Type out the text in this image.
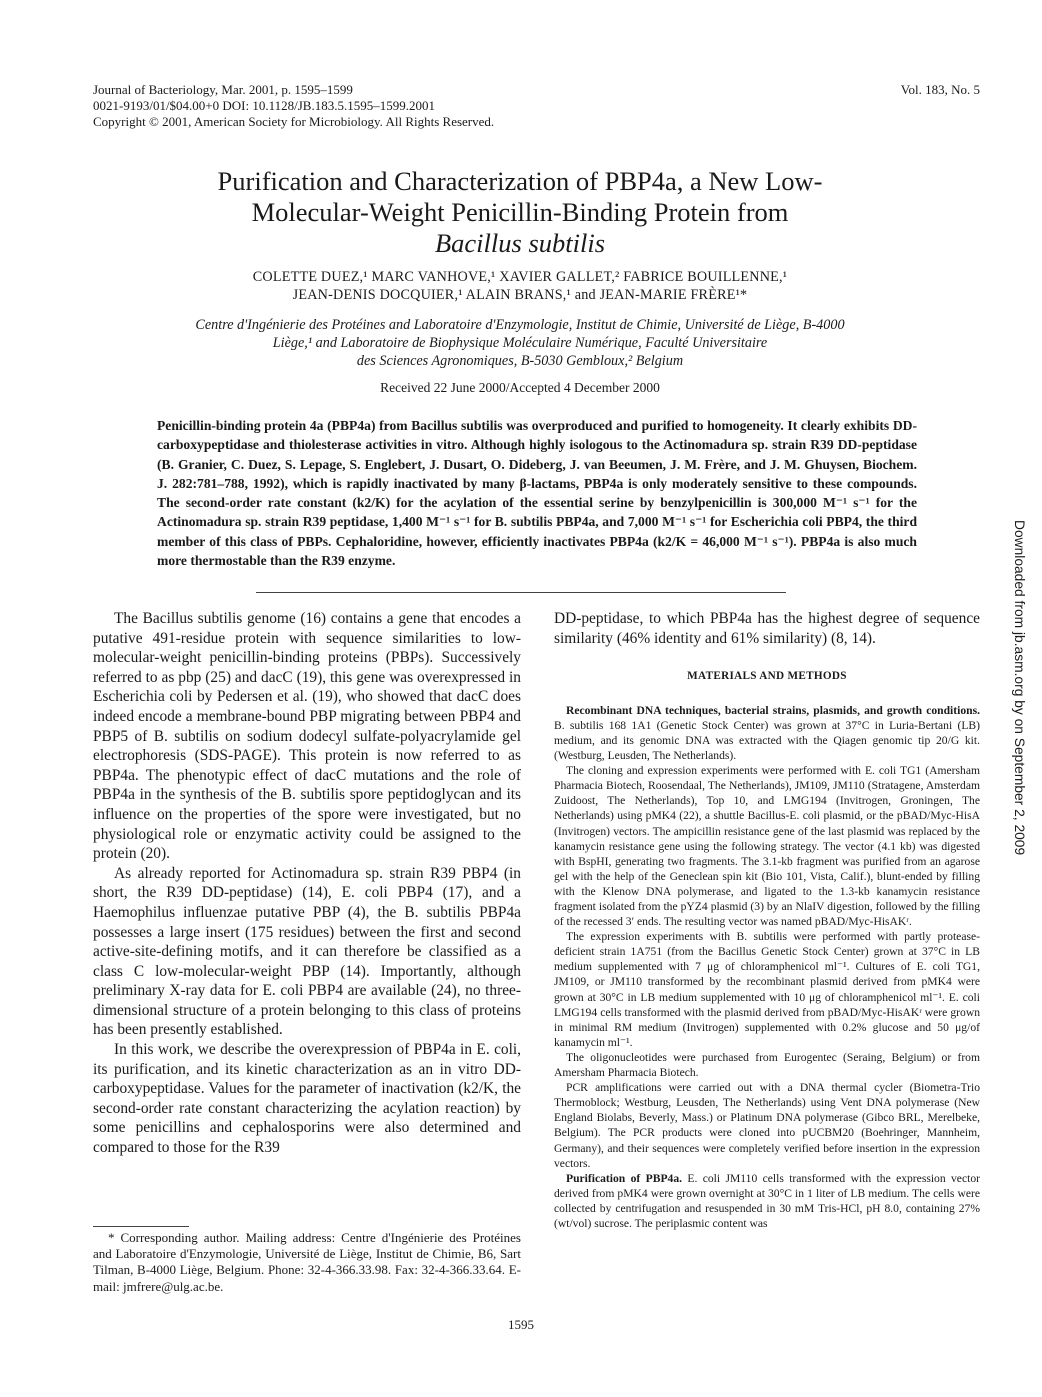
Journal of Bacteriology, Mar. 2001, p. 1595–1599	Vol. 183, No. 5
0021-9193/01/$04.00+0 DOI: 10.1128/JB.183.5.1595–1599.2001
Copyright © 2001, American Society for Microbiology. All Rights Reserved.
Purification and Characterization of PBP4a, a New Low-
Molecular-Weight Penicillin-Binding Protein from
Bacillus subtilis
COLETTE DUEZ,¹ MARC VANHOVE,¹ XAVIER GALLET,² FABRICE BOUILLENNE,¹
JEAN-DENIS DOCQUIER,¹ ALAIN BRANS,¹ and JEAN-MARIE FRÈRE¹*
Centre d'Ingénierie des Protéines and Laboratoire d'Enzymologie, Institut de Chimie, Université de Liège, B-4000
Liège,¹ and Laboratoire de Biophysique Moléculaire Numérique, Faculté Universitaire
des Sciences Agronomiques, B-5030 Gembloux,² Belgium
Received 22 June 2000/Accepted 4 December 2000
Penicillin-binding protein 4a (PBP4a) from Bacillus subtilis was overproduced and purified to homogeneity. It clearly exhibits DD-carboxypeptidase and thiolesterase activities in vitro. Although highly isologous to the Actinomadura sp. strain R39 DD-peptidase (B. Granier, C. Duez, S. Lepage, S. Englebert, J. Dusart, O. Dideberg, J. van Beeumen, J. M. Frère, and J. M. Ghuysen, Biochem. J. 282:781–788, 1992), which is rapidly inactivated by many β-lactams, PBP4a is only moderately sensitive to these compounds. The second-order rate constant (k2/K) for the acylation of the essential serine by benzylpenicillin is 300,000 M⁻¹ s⁻¹ for the Actinomadura sp. strain R39 peptidase, 1,400 M⁻¹ s⁻¹ for B. subtilis PBP4a, and 7,000 M⁻¹ s⁻¹ for Escherichia coli PBP4, the third member of this class of PBPs. Cephaloridine, however, efficiently inactivates PBP4a (k2/K = 46,000 M⁻¹ s⁻¹). PBP4a is also much more thermostable than the R39 enzyme.

The Bacillus subtilis genome (16) contains a gene that encodes a putative 491-residue protein with sequence similarities to low-molecular-weight penicillin-binding proteins (PBPs). Successively referred to as pbp (25) and dacC (19), this gene was overexpressed in Escherichia coli by Pedersen et al. (19), who showed that dacC does indeed encode a membrane-bound PBP migrating between PBP4 and PBP5 of B. subtilis on sodium dodecyl sulfate-polyacrylamide gel electrophoresis (SDS-PAGE). This protein is now referred to as PBP4a. The phenotypic effect of dacC mutations and the role of PBP4a in the synthesis of the B. subtilis spore peptidoglycan and its influence on the properties of the spore were investigated, but no physiological role or enzymatic activity could be assigned to the protein (20).

As already reported for Actinomadura sp. strain R39 PBP4 (in short, the R39 DD-peptidase) (14), E. coli PBP4 (17), and a Haemophilus influenzae putative PBP (4), the B. subtilis PBP4a possesses a large insert (175 residues) between the first and second active-site-defining motifs, and it can therefore be classified as a class C low-molecular-weight PBP (14). Importantly, although preliminary X-ray data for E. coli PBP4 are available (24), no three-dimensional structure of a protein belonging to this class of proteins has been presently established.

In this work, we describe the overexpression of PBP4a in E. coli, its purification, and its kinetic characterization as an in vitro DD-carboxypeptidase. Values for the parameter of inactivation (k2/K, the second-order rate constant characterizing the acylation reaction) by some penicillins and cephalosporins were also determined and compared to those for the R39

DD-peptidase, to which PBP4a has the highest degree of sequence similarity (46% identity and 61% similarity) (8, 14).
MATERIALS AND METHODS

Recombinant DNA techniques, bacterial strains, plasmids, and growth conditions. B. subtilis 168 1A1 (Genetic Stock Center) was grown at 37°C in Luria-Bertani (LB) medium, and its genomic DNA was extracted with the Qiagen genomic tip 20/G kit. (Westburg, Leusden, The Netherlands).

The cloning and expression experiments were performed with E. coli TG1 (Amersham Pharmacia Biotech, Roosendaal, The Netherlands), JM109, JM110 (Stratagene, Amsterdam Zuidoost, The Netherlands), Top 10, and LMG194 (Invitrogen, Groningen, The Netherlands) using pMK4 (22), a shuttle Bacillus-E. coli plasmid, or the pBAD/Myc-HisA (Invitrogen) vectors. The ampicillin resistance gene of the last plasmid was replaced by the kanamycin resistance gene using the following strategy. The vector (4.1 kb) was digested with BspHI, generating two fragments. The 3.1-kb fragment was purified from an agarose gel with the help of the Geneclean spin kit (Bio 101, Vista, Calif.), blunt-ended by filling with the Klenow DNA polymerase, and ligated to the 1.3-kb kanamycin resistance fragment isolated from the pYZ4 plasmid (3) by an NlaIV digestion, followed by the filling of the recessed 3′ ends. The resulting vector was named pBAD/Myc-HisAKʳ.

The expression experiments with B. subtilis were performed with partly protease-deficient strain 1A751 (from the Bacillus Genetic Stock Center) grown at 37°C in LB medium supplemented with 7 μg of chloramphenicol ml⁻¹. Cultures of E. coli TG1, JM109, or JM110 transformed by the recombinant plasmid derived from pMK4 were grown at 30°C in LB medium supplemented with 10 μg of chloramphenicol ml⁻¹. E. coli LMG194 cells transformed with the plasmid derived from pBAD/Myc-HisAKʳ were grown in minimal RM medium (Invitrogen) supplemented with 0.2% glucose and 50 μg/of kanamycin ml⁻¹.

The oligonucleotides were purchased from Eurogentec (Seraing, Belgium) or from Amersham Pharmacia Biotech.

PCR amplifications were carried out with a DNA thermal cycler (Biometra-Trio Thermoblock; Westburg, Leusden, The Netherlands) using Vent DNA polymerase (New England Biolabs, Beverly, Mass.) or Platinum DNA polymerase (Gibco BRL, Merelbeke, Belgium). The PCR products were cloned into pUCBM20 (Boehringer, Mannheim, Germany), and their sequences were completely verified before insertion in the expression vectors.

Purification of PBP4a. E. coli JM110 cells transformed with the expression vector derived from pMK4 were grown overnight at 30°C in 1 liter of LB medium. The cells were collected by centrifugation and resuspended in 30 mM Tris-HCl, pH 8.0, containing 27% (wt/vol) sucrose. The periplasmic content was

* Corresponding author. Mailing address: Centre d'Ingénierie des Protéines and Laboratoire d'Enzymologie, Université de Liège, Institut de Chimie, B6, Sart Tilman, B-4000 Liège, Belgium. Phone: 32-4-366.33.98. Fax: 32-4-366.33.64. E-mail: jmfrere@ulg.ac.be.
1595
Downloaded from jb.asm.org by on September 2, 2009
